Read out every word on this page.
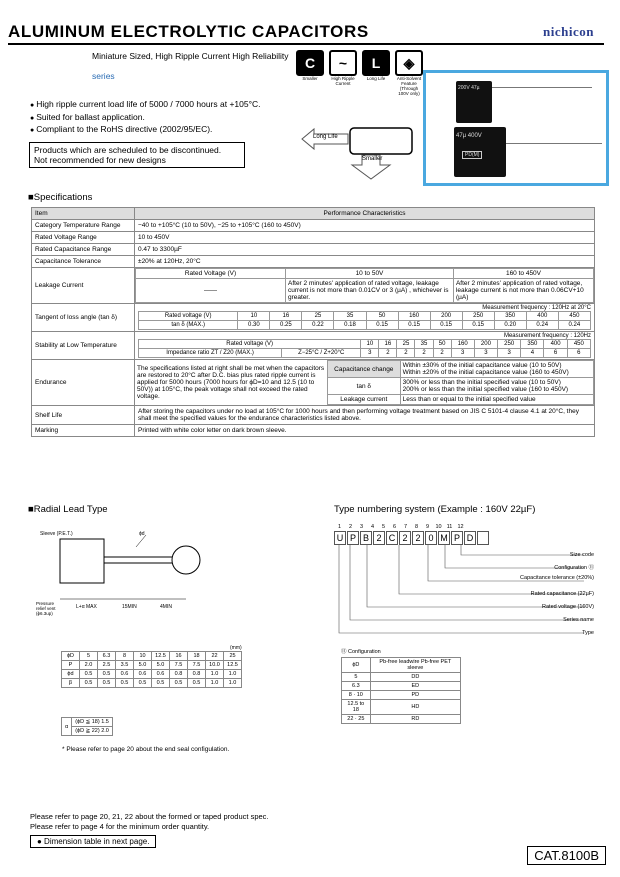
ALUMINUM ELECTROLYTIC CAPACITORS	nichicon
Miniature Sized, High Ripple Current High Reliability
series
C
Smaller
~
High Ripple Current
L
Long Life
◈
Anti-Solvent Feature (Through 100V only)
● High ripple current load life of 5000 / 7000 hours at +105°C.
● Suited for ballast application.
● Compliant to the RoHS directive (2002/95/EC).
Products which are scheduled to be discontinued.
Not recommended for new designs
Long Life
Smaller
200V 47µ
47µ 400V
PD(M)
■Specifications
Item	Performance Characteristics
Category Temperature Range	−40 to +105°C (10 to 50V), −25 to +105°C (160 to 450V)
Rated Voltage Range	10 to 450V
Rated Capacitance Range	0.47 to 3300µF
Capacitance Tolerance	±20% at 120Hz, 20°C
Leakage Current	
Rated Voltage (V)	10 to 50V	160 to 450V
——	After 2 minutes' application of rated voltage, leakage current is not more than 0.01CV or 3 (µA) , whichever is greater.	After 2 minutes' application of rated voltage, leakage current is not more than 0.06CV+10 (µA)

Tangent of loss angle (tan δ)	
Measurement frequency : 120Hz at 20°C
Rated voltage (V)	10	16	25	35	50	160	200	250	350	400	450
tan δ (MAX.)	0.30	0.25	0.22	0.18	0.15	0.15	0.15	0.15	0.20	0.24	0.24

Stability at Low Temperature	
Measurement frequency : 120Hz
Rated voltage (V)	10	16	25	35	50	160	200	250	350	400	450
Impedance ratio ZT / Z20 (MAX.)	Z−25°C / Z+20°C	3	2	2	2	2	3	3	3	4	6	6

Endurance	
The specifications listed at right shall be met when the capacitors are restored to 20°C after D.C. bias plus rated ripple current is applied for 5000 hours (7000 hours for ϕD=10 and 12.5 (10 to 50V)) at 105°C, the peak voltage shall not exceed the rated voltage.	Capacitance change	Within ±30% of the initial capacitance value (10 to 50V)
Within ±20% of the initial capacitance value (160 to 450V)

tan δ	300% or less than the initial specified value (10 to 50V)
200% or less than the initial specified value (160 to 450V)

Leakage current	Less than or equal to the initial specified value

Shelf Life	After storing the capacitors under no load at 105°C for 1000 hours and then performing voltage treatment based on JIS C 5101-4 clause 4.1 at 20°C, they shall meet the specified values for the endurance characteristics listed above.
Marking	Printed with white color letter on dark brown sleeve.
■Radial Lead Type
Sleeve (P.E.T.)	ϕd
Pressure relief vent (ϕ6.3up)
L+α MAX	15MIN	4MIN
(mm)
ϕD	5	6.3	8	10	12.5	16	18	22	25
P	2.0	2.5	3.5	5.0	5.0	7.5	7.5	10.0	12.5
ϕd	0.5	0.5	0.6	0.6	0.6	0.8	0.8	1.0	1.0
β	0.5	0.5	0.5	0.5	0.5	0.5	0.5	1.0	1.0
α	(ϕD ≦ 18) 1.5
(ϕD ≧ 22) 2.0
* Please refer to page 20 about the end seal configulation.
Type numbering system (Example : 160V 22µF)
1	2	3	4	5	6	7	8	9	10 11 12
U P B 2 C 2 2 0 M P D
Size code
Configuration ⑪
Capacitance tolerance (±20%)
Rated capacitance (22µF)
Rated voltage (160V)
Series name
Type
⑪ Configuration
ϕD	Pb-free leadwire Pb-free PET sleeve
5	DD
6.3	ED
8 · 10	PD
12.5 to 18	HD
22 · 25	RD
Please refer to page 20, 21, 22 about the formed or taped product spec.
Please refer to page 4 for the minimum order quantity.
● Dimension table in next page.
CAT.8100B
